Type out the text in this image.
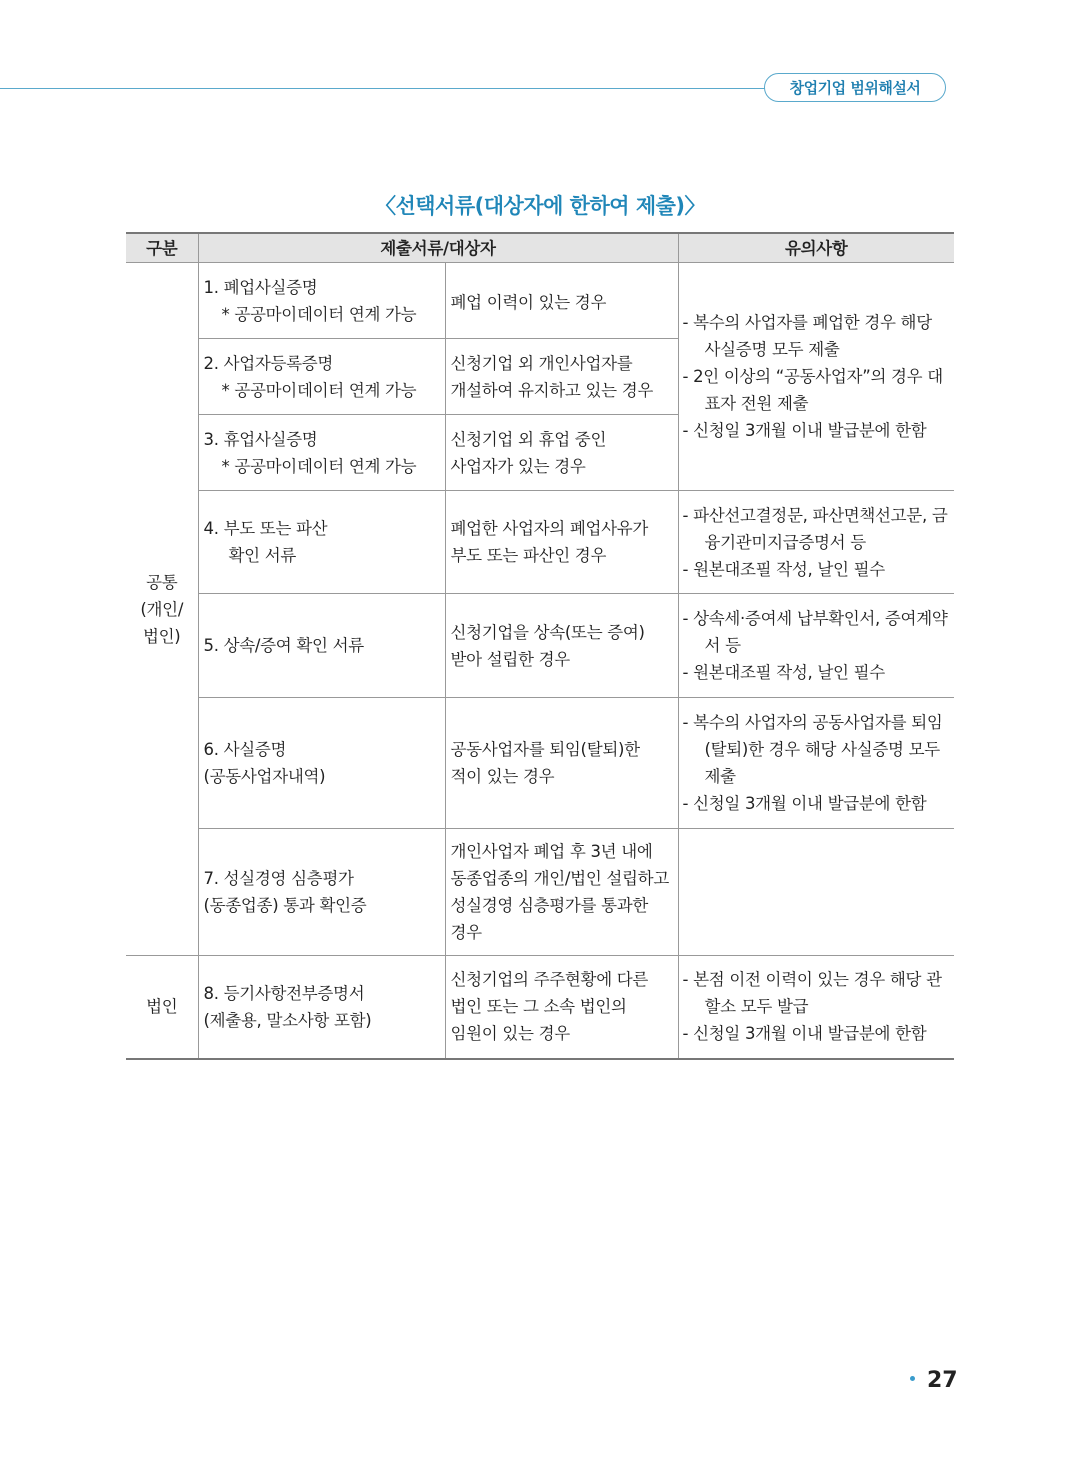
창업기업 범위해설서
〈선택서류(대상자에 한하여 제출)〉
구분	제출서류/대상자		유의사항

공통
(개인/
법인)	1. 폐업사실증명
* 공공마이데이터 연계 가능	폐업 이력이 있는 경우	- 복수의 사업자를 폐업한 경우 해당 사실증명 모두 제출
- 2인 이상의 “공동사업자”의 경우 대표자 전원 제출
- 신청일 3개월 이내 발급분에 한함

	2. 사업자등록증명
* 공공마이데이터 연계 가능	신청기업 외 개인사업자를
개설하여 유지하고 있는 경우	

	3. 휴업사실증명
* 공공마이데이터 연계 가능	신청기업 외 휴업 중인
사업자가 있는 경우	

	4. 부도 또는 파산
확인 서류	폐업한 사업자의 폐업사유가
부도 또는 파산인 경우	- 파산선고결정문, 파산면책선고문, 금융기관미지급증명서 등
- 원본대조필 작성, 날인 필수

	5. 상속/증여 확인 서류	신청기업을 상속(또는 증여)
받아 설립한 경우	- 상속세·증여세 납부확인서, 증여계약서 등
- 원본대조필 작성, 날인 필수

	6. 사실증명
(공동사업자내역)	공동사업자를 퇴임(탈퇴)한
적이 있는 경우	- 복수의 사업자의 공동사업자를 퇴임(탈퇴)한 경우 해당 사실증명 모두 제출
- 신청일 3개월 이내 발급분에 한함

	7. 성실경영 심층평가
(동종업종) 통과 확인증	개인사업자 폐업 후 3년 내에
동종업종의 개인/법인 설립하고
성실경영 심층평가를 통과한
경우	

법인	8. 등기사항전부증명서
(제출용, 말소사항 포함)	신청기업의 주주현황에 다른
법인 또는 그 소속 법인의
임원이 있는 경우	- 본점 이전 이력이 있는 경우 해당 관할소 모두 발급
- 신청일 3개월 이내 발급분에 한함
27
